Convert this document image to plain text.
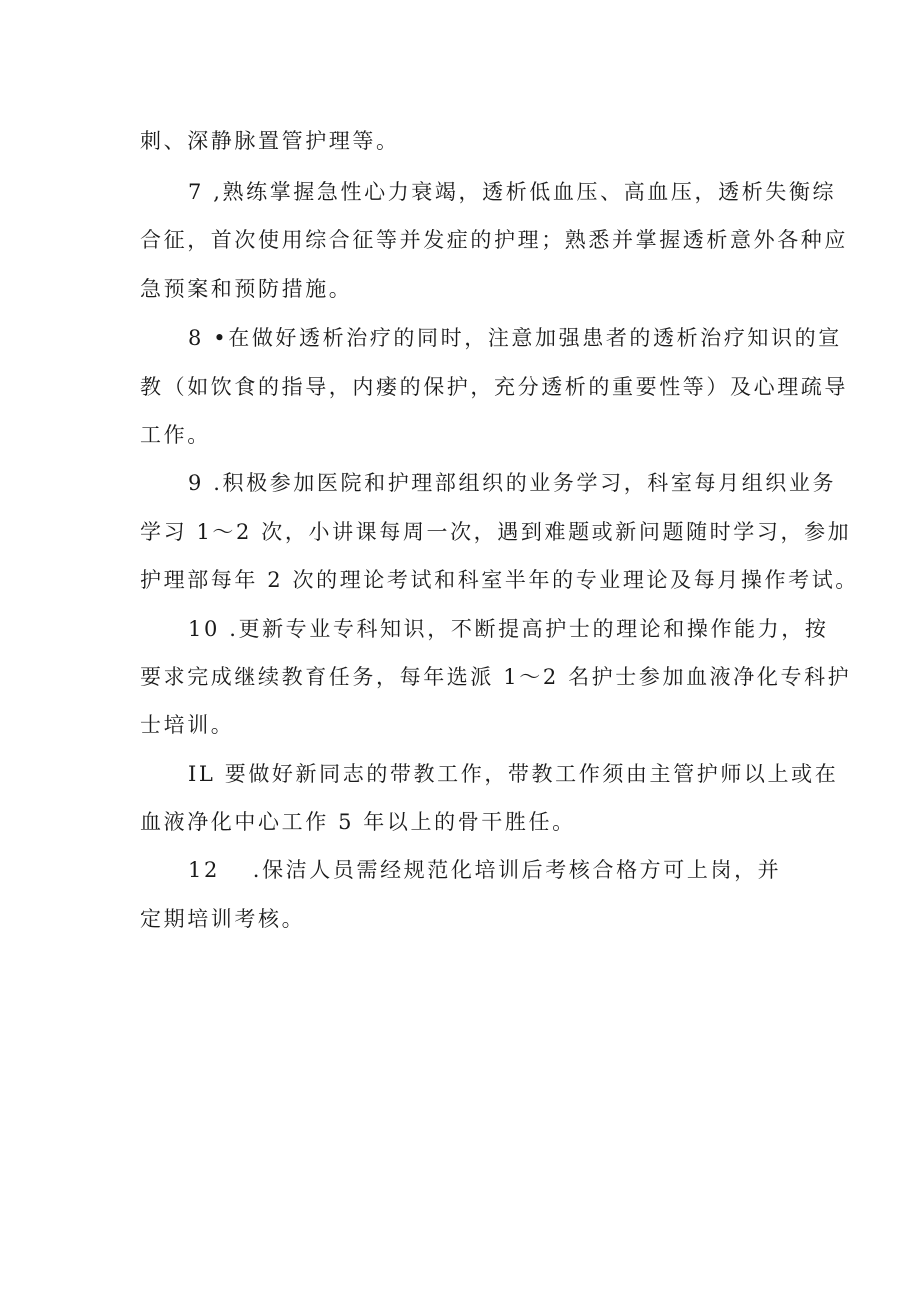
刺、深静脉置管护理等。
7 ,熟练掌握急性心力衰竭，透析低血压、高血压，透析失衡综
合征，首次使用综合征等并发症的护理；熟悉并掌握透析意外各种应
急预案和预防措施。
8 •在做好透析治疗的同时，注意加强患者的透析治疗知识的宣
教（如饮食的指导，内瘘的保护，充分透析的重要性等）及心理疏导
工作。
9 .积极参加医院和护理部组织的业务学习，科室每月组织业务
学习 1～2 次，小讲课每周一次，遇到难题或新问题随时学习，参加
护理部每年 2 次的理论考试和科室半年的专业理论及每月操作考试。
10 .更新专业专科知识，不断提高护士的理论和操作能力，按
要求完成继续教育任务，每年选派 1～2 名护士参加血液净化专科护
士培训。
IL 要做好新同志的带教工作，带教工作须由主管护师以上或在
血液净化中心工作 5 年以上的骨干胜任。
12　 .保洁人员需经规范化培训后考核合格方可上岗，并
定期培训考核。
